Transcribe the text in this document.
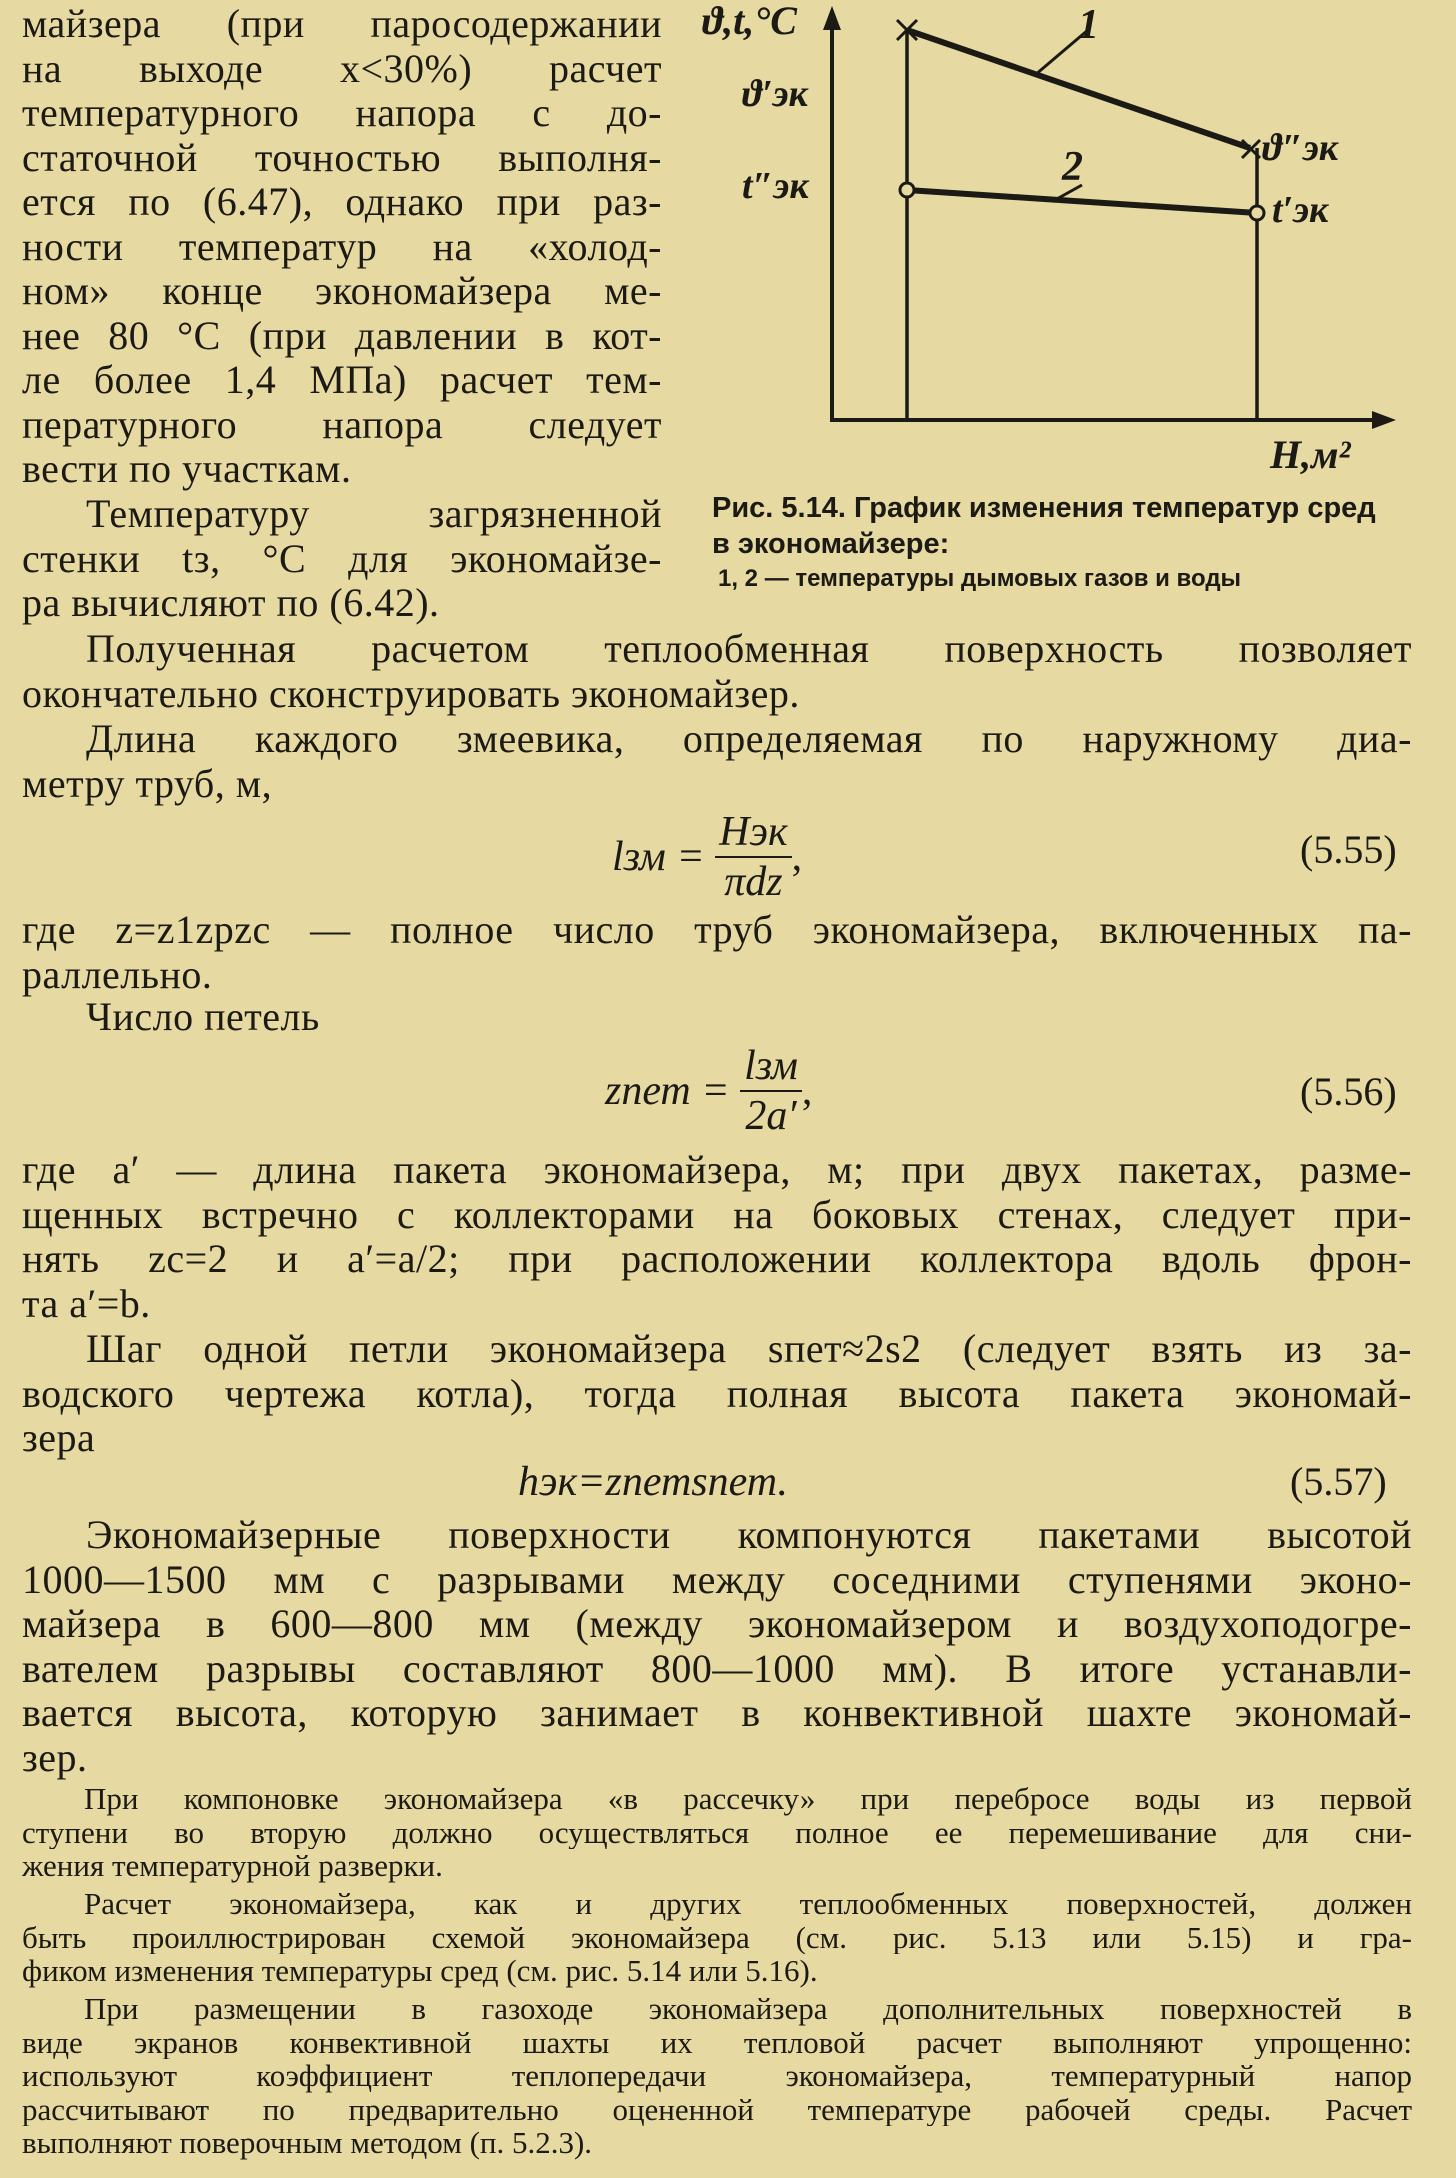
майзера (при паросодержании
на выходе x<30%) расчет
температурного напора с до-
статочной точностью выполня-
ется по (6.47), однако при раз-
ности температур на «холод-
ном» конце экономайзера ме-
нее 80 °С (при давлении в кот-
ле более 1,4 МПа) расчет тем-
пературного напора следует
вести по участкам.
Температуру загрязненной
стенки tз, °С для экономайзе-
ра вычисляют по (6.42).
ϑ,t,°C	1
2
ϑ′эк
t″эк
ϑ″эк
t′эк
H,м²
Рис. 5.14. График изменения температур сред в экономайзере:
1, 2 — температуры дымовых газов и воды
Полученная расчетом теплообменная поверхность позволяет
окончательно сконструировать экономайзер.
Длина каждого змеевика, определяемая по наружному диа-
метру труб, м,
lзм = $\frac{\text{Hэк}}{\text{πdz}}$ ,	(5.55)
где z=z1zpzc — полное число труб экономайзера, включенных па-
раллельно.
Число петель
zпет = $\frac{\text{lзм}}{2a'}$ ,	(5.56)
где a′ — длина пакета экономайзера, м; при двух пакетах, разме-
щенных встречно с коллекторами на боковых стенах, следует при-
нять zc=2 и a′=a/2; при расположении коллектора вдоль фрон-
та a′=b.
Шаг одной петли экономайзера sпет≈2s2 (следует взять из за-
водского чертежа котла), тогда полная высота пакета экономай-
зера
hэк=zпетsпет.	(5.57)
Экономайзерные поверхности компонуются пакетами высотой
1000—1500 мм с разрывами между соседними ступенями эконо-
майзера в 600—800 мм (между экономайзером и воздухоподогре-
вателем разрывы составляют 800—1000 мм). В итоге устанавли-
вается высота, которую занимает в конвективной шахте экономай-
зер.
При компоновке экономайзера «в рассечку» при перебросе воды из первой
ступени во вторую должно осуществляться полное ее перемешивание для сни-
жения температурной разверки.
Расчет экономайзера, как и других теплообменных поверхностей, должен
быть проиллюстрирован схемой экономайзера (см. рис. 5.13 или 5.15) и гра-
фиком изменения температуры сред (см. рис. 5.14 или 5.16).
При размещении в газоходе экономайзера дополнительных поверхностей в
виде экранов конвективной шахты их тепловой расчет выполняют упрощенно:
используют коэффициент теплопередачи экономайзера, температурный напор
рассчитывают по предварительно оцененной температуре рабочей среды. Расчет
выполняют поверочным методом (п. 5.2.3).
